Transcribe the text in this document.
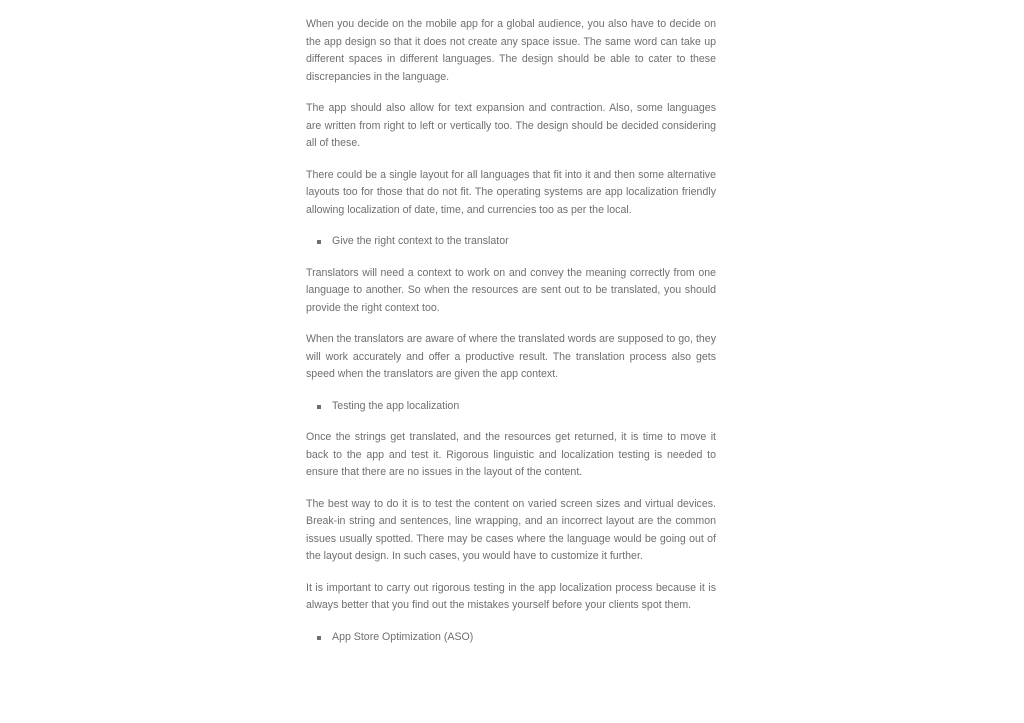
When you decide on the mobile app for a global audience, you also have to decide on the app design so that it does not create any space issue. The same word can take up different spaces in different languages. The design should be able to cater to these discrepancies in the language.

The app should also allow for text expansion and contraction. Also, some languages are written from right to left or vertically too. The design should be decided considering all of these.

There could be a single layout for all languages that fit into it and then some alternative layouts too for those that do not fit. The operating systems are app localization friendly allowing localization of date, time, and currencies too as per the local.

Give the right context to the translator

Translators will need a context to work on and convey the meaning correctly from one language to another. So when the resources are sent out to be translated, you should provide the right context too.

When the translators are aware of where the translated words are supposed to go, they will work accurately and offer a productive result. The translation process also gets speed when the translators are given the app context.

Testing the app localization

Once the strings get translated, and the resources get returned, it is time to move it back to the app and test it. Rigorous linguistic and localization testing is needed to ensure that there are no issues in the layout of the content.

The best way to do it is to test the content on varied screen sizes and virtual devices. Break-in string and sentences, line wrapping, and an incorrect layout are the common issues usually spotted. There may be cases where the language would be going out of the layout design. In such cases, you would have to customize it further.

It is important to carry out rigorous testing in the app localization process because it is always better that you find out the mistakes yourself before your clients spot them.

App Store Optimization (ASO)
